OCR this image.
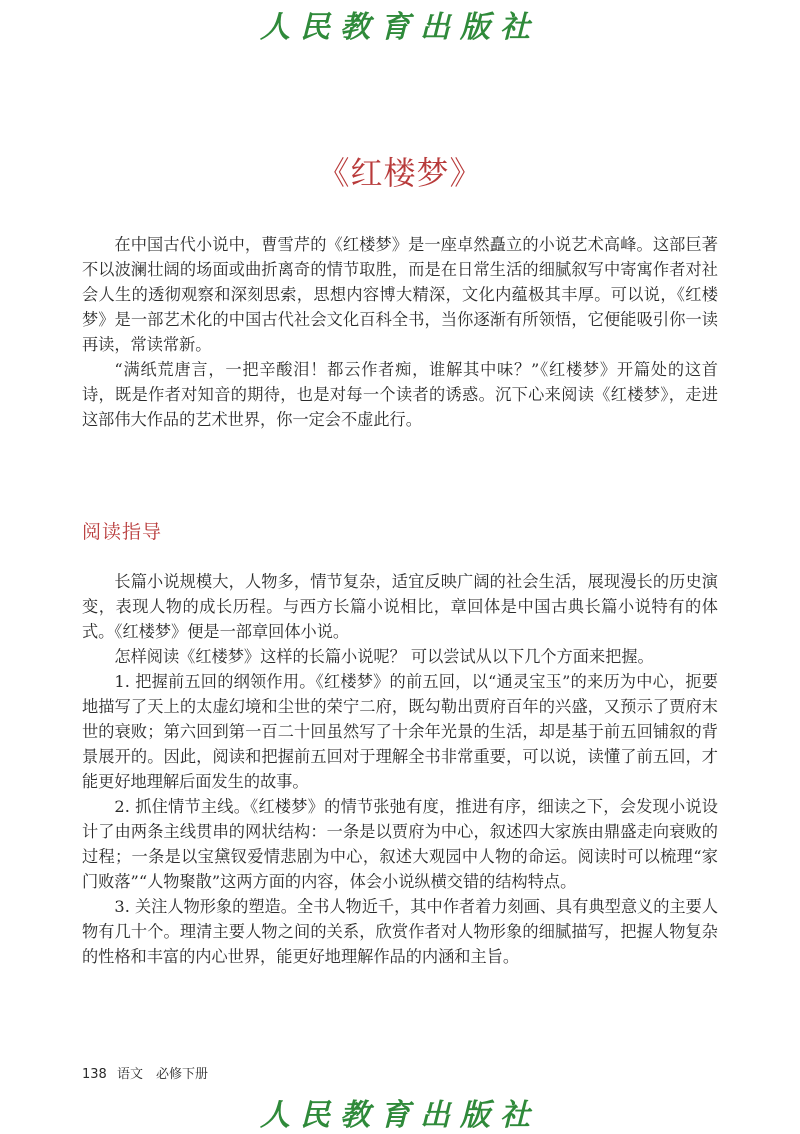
人民教育出版社
《红楼梦》

在中国古代小说中，曹雪芹的《红楼梦》是一座卓然矗立的小说艺术高峰。这部巨著不以波澜壮阔的场面或曲折离奇的情节取胜，而是在日常生活的细腻叙写中寄寓作者对社会人生的透彻观察和深刻思索，思想内容博大精深，文化内蕴极其丰厚。可以说，《红楼梦》是一部艺术化的中国古代社会文化百科全书，当你逐渐有所领悟，它便能吸引你一读再读，常读常新。

“满纸荒唐言，一把辛酸泪！都云作者痴，谁解其中味？”《红楼梦》开篇处的这首诗，既是作者对知音的期待，也是对每一个读者的诱惑。沉下心来阅读《红楼梦》，走进这部伟大作品的艺术世界，你一定会不虚此行。

阅读指导

长篇小说规模大，人物多，情节复杂，适宜反映广阔的社会生活，展现漫长的历史演变，表现人物的成长历程。与西方长篇小说相比，章回体是中国古典长篇小说特有的体式。《红楼梦》便是一部章回体小说。

怎样阅读《红楼梦》这样的长篇小说呢？ 可以尝试从以下几个方面来把握。

1. 把握前五回的纲领作用。《红楼梦》的前五回，以“通灵宝玉”的来历为中心，扼要地描写了天上的太虚幻境和尘世的荣宁二府，既勾勒出贾府百年的兴盛，又预示了贾府末世的衰败；第六回到第一百二十回虽然写了十余年光景的生活，却是基于前五回铺叙的背景展开的。因此，阅读和把握前五回对于理解全书非常重要，可以说，读懂了前五回，才能更好地理解后面发生的故事。

2. 抓住情节主线。《红楼梦》的情节张弛有度，推进有序，细读之下，会发现小说设计了由两条主线贯串的网状结构：一条是以贾府为中心，叙述四大家族由鼎盛走向衰败的过程；一条是以宝黛钗爱情悲剧为中心，叙述大观园中人物的命运。阅读时可以梳理“家门败落”“人物聚散”这两方面的内容，体会小说纵横交错的结构特点。

3. 关注人物形象的塑造。全书人物近千，其中作者着力刻画、具有典型意义的主要人物有几十个。理清主要人物之间的关系，欣赏作者对人物形象的细腻描写，把握人物复杂的性格和丰富的内心世界，能更好地理解作品的内涵和主旨。

138 语文　必修下册
人民教育出版社
